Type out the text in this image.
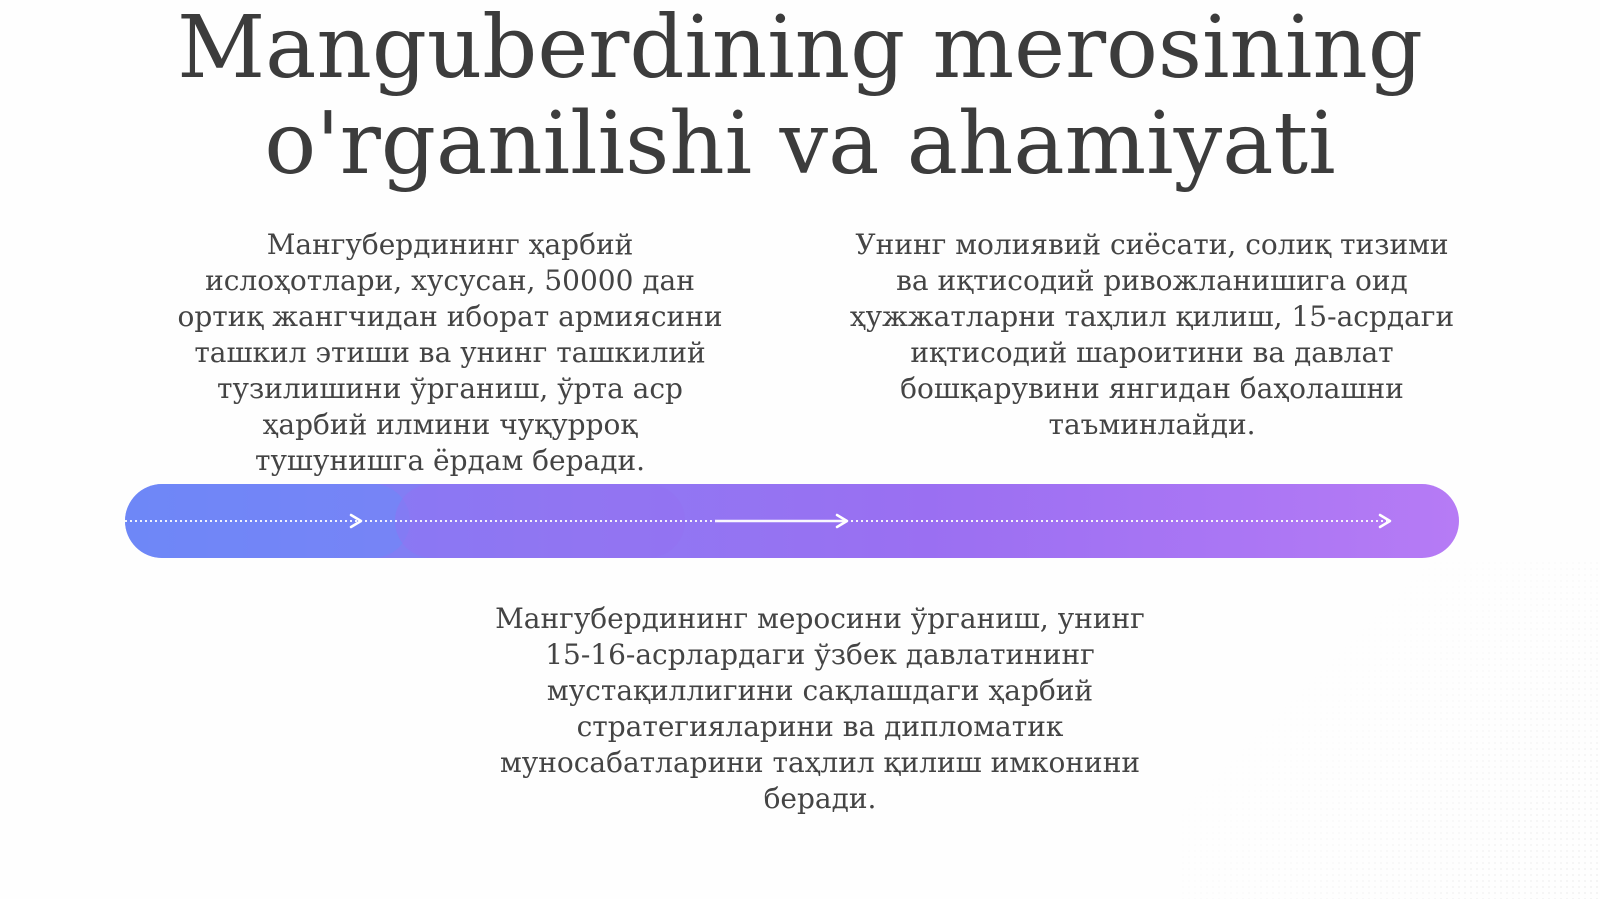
Manguberdining merosining
o'rganilishi va ahamiyati

Мангубердининг ҳарбий
ислоҳотлари, хусусан, 50000 дан
ортиқ жангчидан иборат армиясини
ташкил этиши ва унинг ташкилий
тузилишини ўрганиш, ўрта аср
ҳарбий илмини чуқурроқ
тушунишга ёрдам беради.

Унинг молиявий сиёсати, солиқ тизими
ва иқтисодий ривожланишига оид
ҳужжатларни таҳлил қилиш, 15-асрдаги
иқтисодий шароитини ва давлат
бошқарувини янгидан баҳолашни
таъминлайди.

Мангубердининг меросини ўрганиш, унинг
15-16-асрлардаги ўзбек давлатининг
мустақиллигини сақлашдаги ҳарбий
стратегияларини ва дипломатик
муносабатларини таҳлил қилиш имконини
беради.
